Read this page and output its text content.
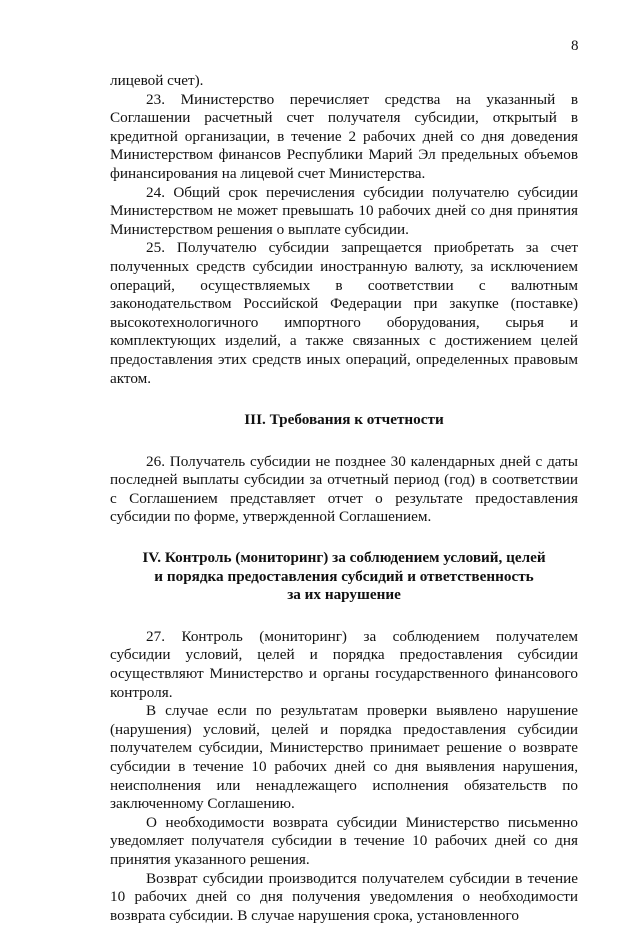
8

лицевой счет).

23. Министерство перечисляет средства на указанный в Соглашении расчетный счет получателя субсидии, открытый в кредитной организации, в течение 2 рабочих дней со дня доведения Министерством финансов Республики Марий Эл предельных объемов финансирования на лицевой счет Министерства.

24. Общий срок перечисления субсидии получателю субсидии Министерством не может превышать 10 рабочих дней со дня принятия Министерством решения о выплате субсидии.

25. Получателю субсидии запрещается приобретать за счет полученных средств субсидии иностранную валюту, за исключением операций, осуществляемых в соответствии с валютным законодательством Российской Федерации при закупке (поставке) высокотехнологичного импортного оборудования, сырья и комплектующих изделий, а также связанных с достижением целей предоставления этих средств иных операций, определенных правовым актом.

III. Требования к отчетности

26. Получатель субсидии не позднее 30 календарных дней с даты последней выплаты субсидии за отчетный период (год) в соответствии с Соглашением представляет отчет о результате предоставления субсидии по форме, утвержденной Соглашением.

IV. Контроль (мониторинг) за соблюдением условий, целей
и порядка предоставления субсидий и ответственность
за их нарушение

27. Контроль (мониторинг) за соблюдением получателем субсидии условий, целей и порядка предоставления субсидии осуществляют Министерство и органы государственного финансового контроля.

В случае если по результатам проверки выявлено нарушение (нарушения) условий, целей и порядка предоставления субсидии получателем субсидии, Министерство принимает решение о возврате субсидии в течение 10 рабочих дней со дня выявления нарушения, неисполнения или ненадлежащего исполнения обязательств по заключенному Соглашению.

О необходимости возврата субсидии Министерство письменно уведомляет получателя субсидии в течение 10 рабочих дней со дня принятия указанного решения.

Возврат субсидии производится получателем субсидии в течение 10 рабочих дней со дня получения уведомления о необходимости возврата субсидии. В случае нарушения срока, установленного
